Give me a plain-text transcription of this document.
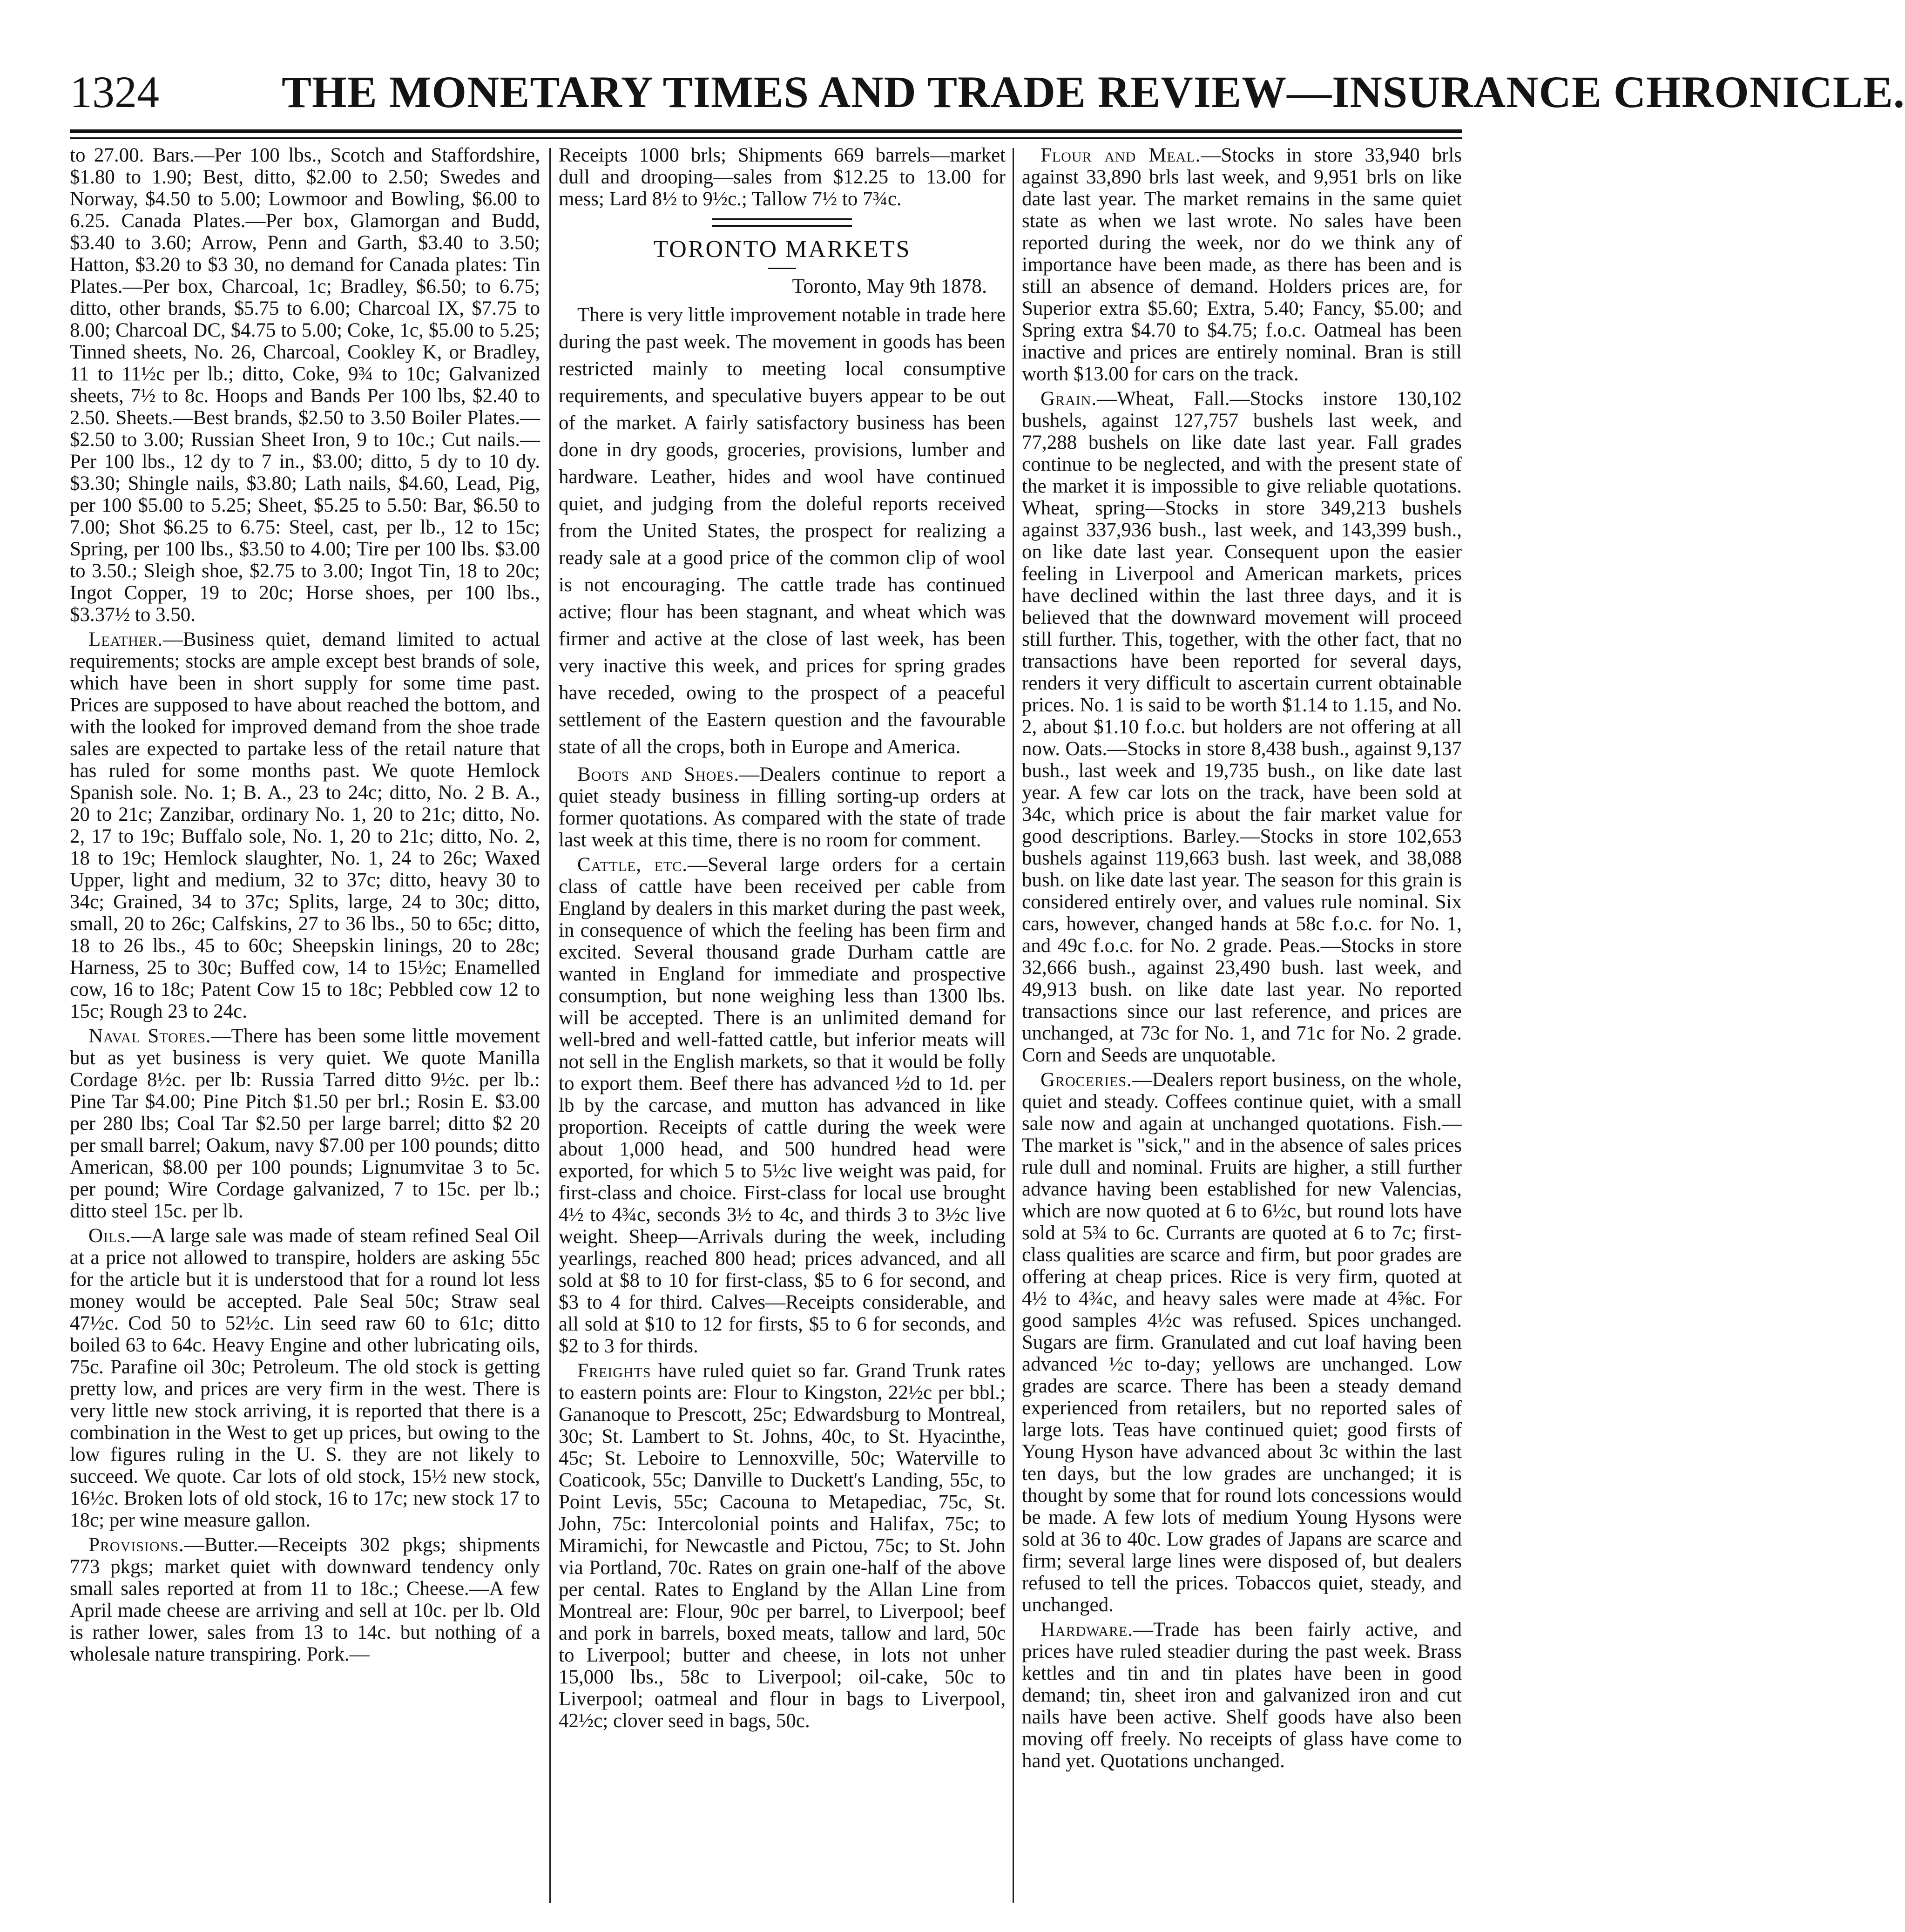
1324	THE MONETARY TIMES AND TRADE REVIEW—INSURANCE CHRONICLE.

to 27.00. Bars.—Per 100 lbs., Scotch and Staffordshire, $1.80 to 1.90; Best, ditto, $2.00 to 2.50; Swedes and Norway, $4.50 to 5.00; Lowmoor and Bowling, $6.00 to 6.25. Canada Plates.—Per box, Glamorgan and Budd, $3.40 to 3.60; Arrow, Penn and Garth, $3.40 to 3.50; Hatton, $3.20 to $3 30, no demand for Canada plates: Tin Plates.—Per box, Charcoal, 1c; Bradley, $6.50; to 6.75; ditto, other brands, $5.75 to 6.00; Charcoal IX, $7.75 to 8.00; Charcoal DC, $4.75 to 5.00; Coke, 1c, $5.00 to 5.25; Tinned sheets, No. 26, Charcoal, Cookley K, or Bradley, 11 to 11½c per lb.; ditto, Coke, 9¾ to 10c; Galvanized sheets, 7½ to 8c. Hoops and Bands Per 100 lbs, $2.40 to 2.50. Sheets.—Best brands, $2.50 to 3.50 Boiler Plates.—$2.50 to 3.00; Russian Sheet Iron, 9 to 10c.; Cut nails.—Per 100 lbs., 12 dy to 7 in., $3.00; ditto, 5 dy to 10 dy. $3.30; Shingle nails, $3.80; Lath nails, $4.60, Lead, Pig, per 100 $5.00 to 5.25; Sheet, $5.25 to 5.50: Bar, $6.50 to 7.00; Shot $6.25 to 6.75: Steel, cast, per lb., 12 to 15c; Spring, per 100 lbs., $3.50 to 4.00; Tire per 100 lbs. $3.00 to 3.50.; Sleigh shoe, $2.75 to 3.00; Ingot Tin, 18 to 20c; Ingot Copper, 19 to 20c; Horse shoes, per 100 lbs., $3.37½ to 3.50.

Leather.—Business quiet, demand limited to actual requirements; stocks are ample except best brands of sole, which have been in short supply for some time past. Prices are supposed to have about reached the bottom, and with the looked for improved demand from the shoe trade sales are expected to partake less of the retail nature that has ruled for some months past. We quote Hemlock Spanish sole. No. 1; B. A., 23 to 24c; ditto, No. 2 B. A., 20 to 21c; Zanzibar, ordinary No. 1, 20 to 21c; ditto, No. 2, 17 to 19c; Buffalo sole, No. 1, 20 to 21c; ditto, No. 2, 18 to 19c; Hemlock slaughter, No. 1, 24 to 26c; Waxed Upper, light and medium, 32 to 37c; ditto, heavy 30 to 34c; Grained, 34 to 37c; Splits, large, 24 to 30c; ditto, small, 20 to 26c; Calfskins, 27 to 36 lbs., 50 to 65c; ditto, 18 to 26 lbs., 45 to 60c; Sheepskin linings, 20 to 28c; Harness, 25 to 30c; Buffed cow, 14 to 15½c; Enamelled cow, 16 to 18c; Patent Cow 15 to 18c; Pebbled cow 12 to 15c; Rough 23 to 24c.

Naval Stores.—There has been some little movement but as yet business is very quiet. We quote Manilla Cordage 8½c. per lb: Russia Tarred ditto 9½c. per lb.: Pine Tar $4.00; Pine Pitch $1.50 per brl.; Rosin E. $3.00 per 280 lbs; Coal Tar $2.50 per large barrel; ditto $2 20 per small barrel; Oakum, navy $7.00 per 100 pounds; ditto American, $8.00 per 100 pounds; Lignumvitae 3 to 5c. per pound; Wire Cordage galvanized, 7 to 15c. per lb.; ditto steel 15c. per lb.

Oils.—A large sale was made of steam refined Seal Oil at a price not allowed to transpire, holders are asking 55c for the article but it is understood that for a round lot less money would be accepted. Pale Seal 50c; Straw seal 47½c. Cod 50 to 52½c. Lin seed raw 60 to 61c; ditto boiled 63 to 64c. Heavy Engine and other lubricating oils, 75c. Parafine oil 30c; Petroleum. The old stock is getting pretty low, and prices are very firm in the west. There is very little new stock arriving, it is reported that there is a combination in the West to get up prices, but owing to the low figures ruling in the U. S. they are not likely to succeed. We quote. Car lots of old stock, 15½ new stock, 16½c. Broken lots of old stock, 16 to 17c; new stock 17 to 18c; per wine measure gallon.

Provisions.—Butter.—Receipts 302 pkgs; shipments 773 pkgs; market quiet with downward tendency only small sales reported at from 11 to 18c.; Cheese.—A few April made cheese are arriving and sell at 10c. per lb. Old is rather lower, sales from 13 to 14c. but nothing of a wholesale nature transpiring. Pork.—

Receipts 1000 brls; Shipments 669 barrels—market dull and drooping—sales from $12.25 to 13.00 for mess; Lard 8½ to 9½c.; Tallow 7½ to 7¾c.

TORONTO MARKETS
Toronto, May 9th 1878.

There is very little improvement notable in trade here during the past week. The movement in goods has been restricted mainly to meeting local consumptive requirements, and speculative buyers appear to be out of the market. A fairly satisfactory business has been done in dry goods, groceries, provisions, lumber and hardware. Leather, hides and wool have continued quiet, and judging from the doleful reports received from the United States, the prospect for realizing a ready sale at a good price of the common clip of wool is not encouraging. The cattle trade has continued active; flour has been stagnant, and wheat which was firmer and active at the close of last week, has been very inactive this week, and prices for spring grades have receded, owing to the prospect of a peaceful settlement of the Eastern question and the favourable state of all the crops, both in Europe and America.

Boots and Shoes.—Dealers continue to report a quiet steady business in filling sorting-up orders at former quotations. As compared with the state of trade last week at this time, there is no room for comment.

Cattle, etc.—Several large orders for a certain class of cattle have been received per cable from England by dealers in this market during the past week, in consequence of which the feeling has been firm and excited. Several thousand grade Durham cattle are wanted in England for immediate and prospective consumption, but none weighing less than 1300 lbs. will be accepted. There is an unlimited demand for well-bred and well-fatted cattle, but inferior meats will not sell in the English markets, so that it would be folly to export them. Beef there has advanced ½d to 1d. per lb by the carcase, and mutton has advanced in like proportion. Receipts of cattle during the week were about 1,000 head, and 500 hundred head were exported, for which 5 to 5½c live weight was paid, for first-class and choice. First-class for local use brought 4½ to 4¾c, seconds 3½ to 4c, and thirds 3 to 3½c live weight. Sheep—Arrivals during the week, including yearlings, reached 800 head; prices advanced, and all sold at $8 to 10 for first-class, $5 to 6 for second, and $3 to 4 for third. Calves—Receipts considerable, and all sold at $10 to 12 for firsts, $5 to 6 for seconds, and $2 to 3 for thirds.

Freights have ruled quiet so far. Grand Trunk rates to eastern points are: Flour to Kingston, 22½c per bbl.; Gananoque to Prescott, 25c; Edwardsburg to Montreal, 30c; St. Lambert to St. Johns, 40c, to St. Hyacinthe, 45c; St. Leboire to Lennoxville, 50c; Waterville to Coaticook, 55c; Danville to Duckett's Landing, 55c, to Point Levis, 55c; Cacouna to Metapediac, 75c, St. John, 75c: Intercolonial points and Halifax, 75c; to Miramichi, for Newcastle and Pictou, 75c; to St. John via Portland, 70c. Rates on grain one-half of the above per cental. Rates to England by the Allan Line from Montreal are: Flour, 90c per barrel, to Liverpool; beef and pork in barrels, boxed meats, tallow and lard, 50c to Liverpool; butter and cheese, in lots not unher 15,000 lbs., 58c to Liverpool; oil-cake, 50c to Liverpool; oatmeal and flour in bags to Liverpool, 42½c; clover seed in bags, 50c.

Flour and Meal.—Stocks in store 33,940 brls against 33,890 brls last week, and 9,951 brls on like date last year. The market remains in the same quiet state as when we last wrote. No sales have been reported during the week, nor do we think any of importance have been made, as there has been and is still an absence of demand. Holders prices are, for Superior extra $5.60; Extra, 5.40; Fancy, $5.00; and Spring extra $4.70 to $4.75; f.o.c. Oatmeal has been inactive and prices are entirely nominal. Bran is still worth $13.00 for cars on the track.

Grain.—Wheat, Fall.—Stocks instore 130,102 bushels, against 127,757 bushels last week, and 77,288 bushels on like date last year. Fall grades continue to be neglected, and with the present state of the market it is impossible to give reliable quotations. Wheat, spring—Stocks in store 349,213 bushels against 337,936 bush., last week, and 143,399 bush., on like date last year. Consequent upon the easier feeling in Liverpool and American markets, prices have declined within the last three days, and it is believed that the downward movement will proceed still further. This, together, with the other fact, that no transactions have been reported for several days, renders it very difficult to ascertain current obtainable prices. No. 1 is said to be worth $1.14 to 1.15, and No. 2, about $1.10 f.o.c. but holders are not offering at all now. Oats.—Stocks in store 8,438 bush., against 9,137 bush., last week and 19,735 bush., on like date last year. A few car lots on the track, have been sold at 34c, which price is about the fair market value for good descriptions. Barley.—Stocks in store 102,653 bushels against 119,663 bush. last week, and 38,088 bush. on like date last year. The season for this grain is considered entirely over, and values rule nominal. Six cars, however, changed hands at 58c f.o.c. for No. 1, and 49c f.o.c. for No. 2 grade. Peas.—Stocks in store 32,666 bush., against 23,490 bush. last week, and 49,913 bush. on like date last year. No reported transactions since our last reference, and prices are unchanged, at 73c for No. 1, and 71c for No. 2 grade. Corn and Seeds are unquotable.

Groceries.—Dealers report business, on the whole, quiet and steady. Coffees continue quiet, with a small sale now and again at unchanged quotations. Fish.—The market is "sick," and in the absence of sales prices rule dull and nominal. Fruits are higher, a still further advance having been established for new Valencias, which are now quoted at 6 to 6½c, but round lots have sold at 5¾ to 6c. Currants are quoted at 6 to 7c; first-class qualities are scarce and firm, but poor grades are offering at cheap prices. Rice is very firm, quoted at 4½ to 4¾c, and heavy sales were made at 4⅝c. For good samples 4½c was refused. Spices unchanged. Sugars are firm. Granulated and cut loaf having been advanced ½c to-day; yellows are unchanged. Low grades are scarce. There has been a steady demand experienced from retailers, but no reported sales of large lots. Teas have continued quiet; good firsts of Young Hyson have advanced about 3c within the last ten days, but the low grades are unchanged; it is thought by some that for round lots concessions would be made. A few lots of medium Young Hysons were sold at 36 to 40c. Low grades of Japans are scarce and firm; several large lines were disposed of, but dealers refused to tell the prices. Tobaccos quiet, steady, and unchanged.

Hardware.—Trade has been fairly active, and prices have ruled steadier during the past week. Brass kettles and tin and tin plates have been in good demand; tin, sheet iron and galvanized iron and cut nails have been active. Shelf goods have also been moving off freely. No receipts of glass have come to hand yet. Quotations unchanged.
